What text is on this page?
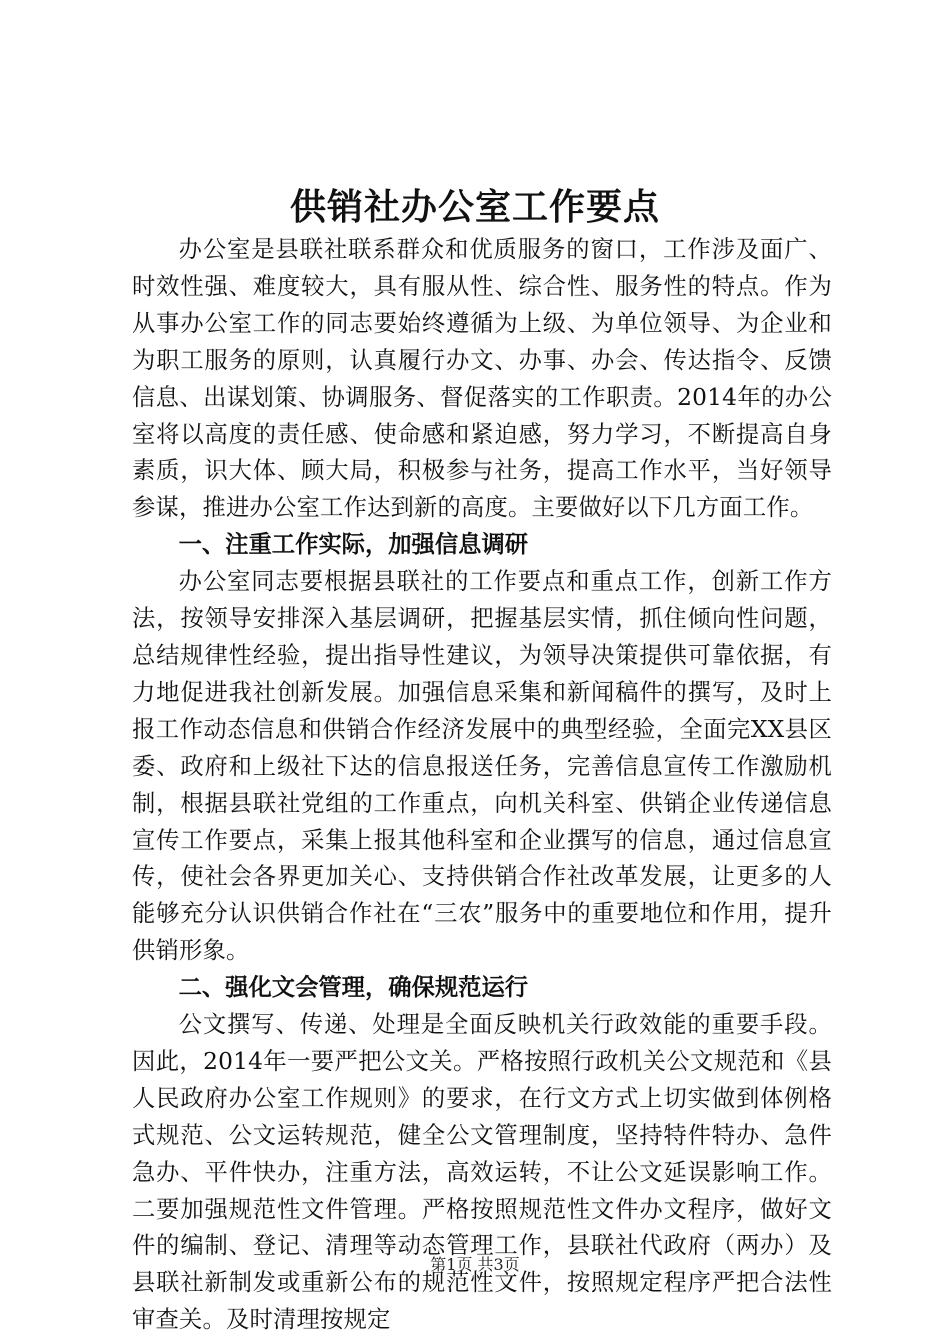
供销社办公室工作要点

办公室是县联社联系群众和优质服务的窗口，工作涉及面广、时效性强、难度较大，具有服从性、综合性、服务性的特点。作为从事办公室工作的同志要始终遵循为上级、为单位领导、为企业和为职工服务的原则，认真履行办文、办事、办会、传达指令、反馈信息、出谋划策、协调服务、督促落实的工作职责。2014年的办公室将以高度的责任感、使命感和紧迫感，努力学习，不断提高自身素质，识大体、顾大局，积极参与社务，提高工作水平，当好领导参谋，推进办公室工作达到新的高度。主要做好以下几方面工作。

一、注重工作实际，加强信息调研

办公室同志要根据县联社的工作要点和重点工作，创新工作方法，按领导安排深入基层调研，把握基层实情，抓住倾向性问题，总结规律性经验，提出指导性建议，为领导决策提供可靠依据，有力地促进我社创新发展。加强信息采集和新闻稿件的撰写，及时上报工作动态信息和供销合作经济发展中的典型经验，全面完XX县区委、政府和上级社下达的信息报送任务，完善信息宣传工作激励机制，根据县联社党组的工作重点，向机关科室、供销企业传递信息宣传工作要点，采集上报其他科室和企业撰写的信息，通过信息宣传，使社会各界更加关心、支持供销合作社改革发展，让更多的人能够充分认识供销合作社在“三农”服务中的重要地位和作用，提升供销形象。

二、强化文会管理，确保规范运行

公文撰写、传递、处理是全面反映机关行政效能的重要手段。因此，2014年一要严把公文关。严格按照行政机关公文规范和《县人民政府办公室工作规则》的要求，在行文方式上切实做到体例格式规范、公文运转规范，健全公文管理制度，坚持特件特办、急件急办、平件快办，注重方法，高效运转，不让公文延误影响工作。二要加强规范性文件管理。严格按照规范性文件办文程序，做好文件的编制、登记、清理等动态管理工作，县联社代政府（两办）及县联社新制发或重新公布的规范性文件，按照规定程序严把合法性审查关。及时清理按规定

第1页 共3页
